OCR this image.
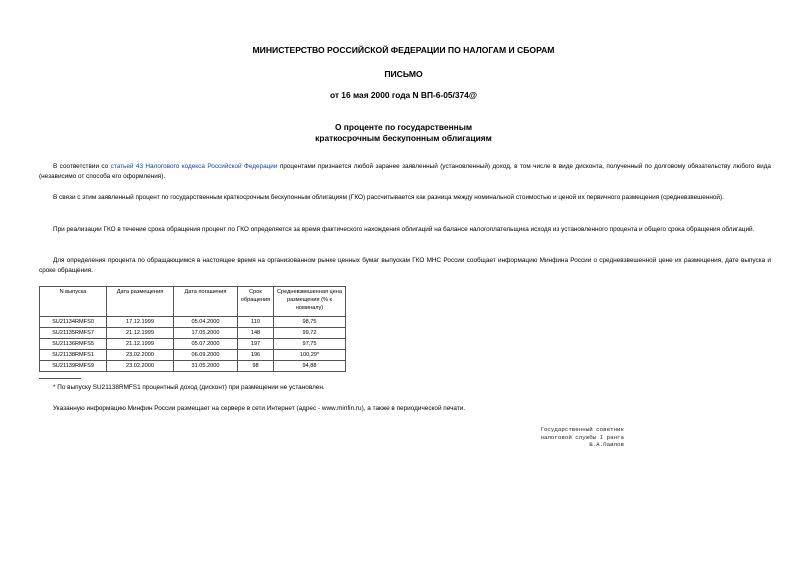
МИНИСТЕРСТВО РОССИЙСКОЙ ФЕДЕРАЦИИ ПО НАЛОГАМ И СБОРАМ
ПИСЬМО
от 16 мая 2000 года N ВП-6-05/374@
О проценте по государственным
краткосрочным бескупонным облигациям

В соответствии со статьей 43 Налогового кодекса Российской Федерации процентами признается любой заранее заявленный (установленный) доход, в том числе в виде дисконта, полученный по долговому обязательству любого вида (независимо от способа его оформления).

В связи с этим заявленный процент по государственным краткосрочным бескупонным облигациям (ГКО) рассчитывается как разница между номинальной стоимостью и ценой их первичного размещения (средневзвешенной).

При реализации ГКО в течение срока обращения процент по ГКО определяется за время фактического нахождения облигаций на балансе налогоплательщика исходя из установленного процента и общего срока обращения облигаций.

Для определения процента по обращающимся в настоящее время на организованном рынке ценных бумаг выпускам ГКО МНС России сообщает информацию Минфина России о средневзвешенной цене их размещения, дате выпуска и сроке обращения.

N выпуска	Дата размещения	Дата погашения	Срок обращения	Средневзвешенная цена размещения (% к номиналу)
SU21134RMFS0	17.12.1999	05.04.2000	110	98,75
SU21135RMFS7	21.12.1999	17.05.2000	148	99,72
SU21136RMFS5	21.12.1999	05.07.2000	197	97,75
SU21138RMFS1	23.02.2000	06.09.2000	196	100,29*
SU21139RMFS9	23.02.2000	31.05.2000	98	94,88
* По выпуску SU21138RMFS1 процентный доход (дисконт) при размещении не установлен.
Указанную информацию Минфин России размещает на сервере в сети Интернет (адрес - www.minfin.ru), а также в периодической печати.
Государственный советник
налоговой службы I ранга
В.А.Павлов
